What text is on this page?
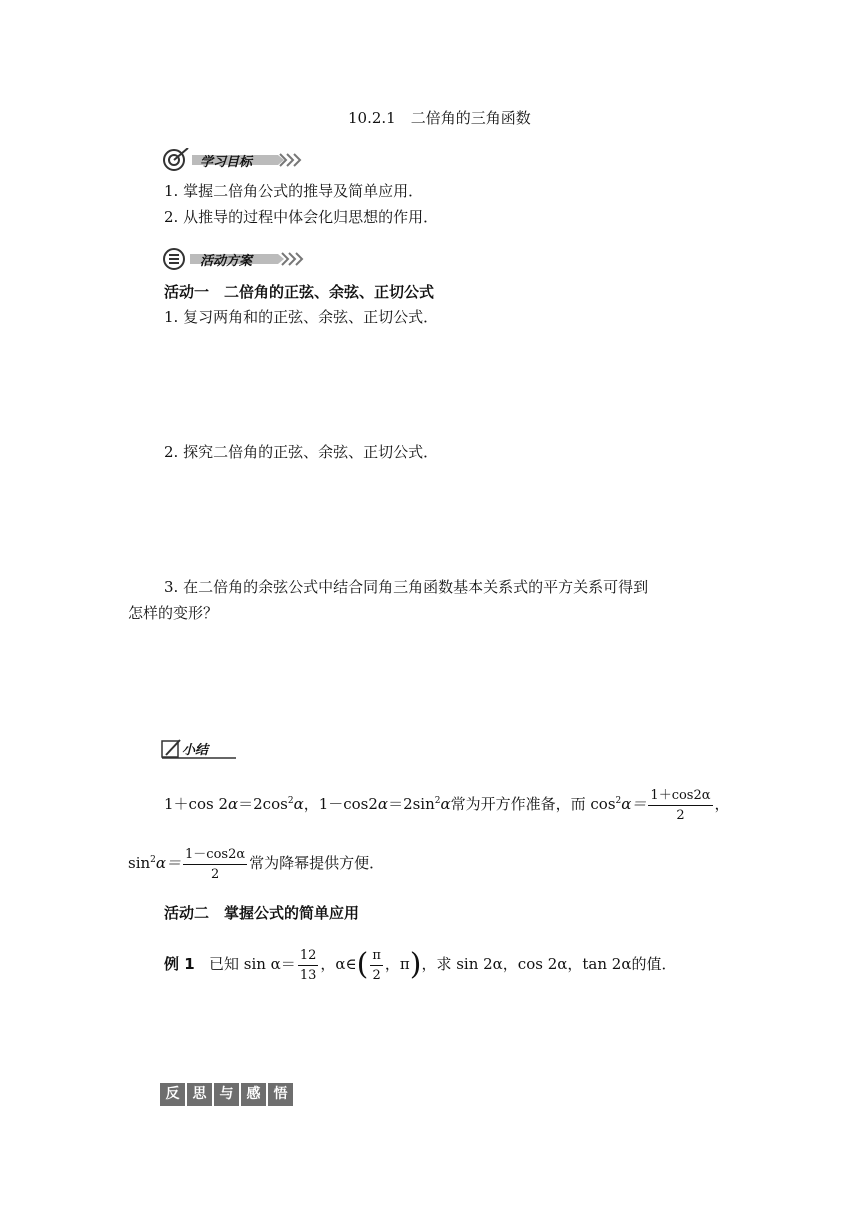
10.2.1　二倍角的三角函数
学习目标
1. 掌握二倍角公式的推导及简单应用．
2. 从推导的过程中体会化归思想的作用．
活动方案
活动一　二倍角的正弦、余弦、正切公式
1. 复习两角和的正弦、余弦、正切公式．
2. 探究二倍角的正弦、余弦、正切公式．
3. 在二倍角的余弦公式中结合同角三角函数基本关系式的平方关系可得到
怎样的变形？
小结
1＋cos $2\alpha=2\cos^2\alpha$，$1-\cos 2\alpha=2\sin^2\alpha$常为开方作准备，而 $\cos^2\alpha= \frac{1+\cos 2\alpha}{2}$ ，
$\sin^2\alpha= \frac{1-\cos 2\alpha}{2}$ 常为降幂提供方便．
活动二　掌握公式的简单应用
例 1 已知 $\sin \alpha= \frac{12}{13}$ ，α∈( $\frac{\pi}{2}$ ，π)，求 sin 2α，cos 2α，tan 2α的值．
反 思 与 感 悟
